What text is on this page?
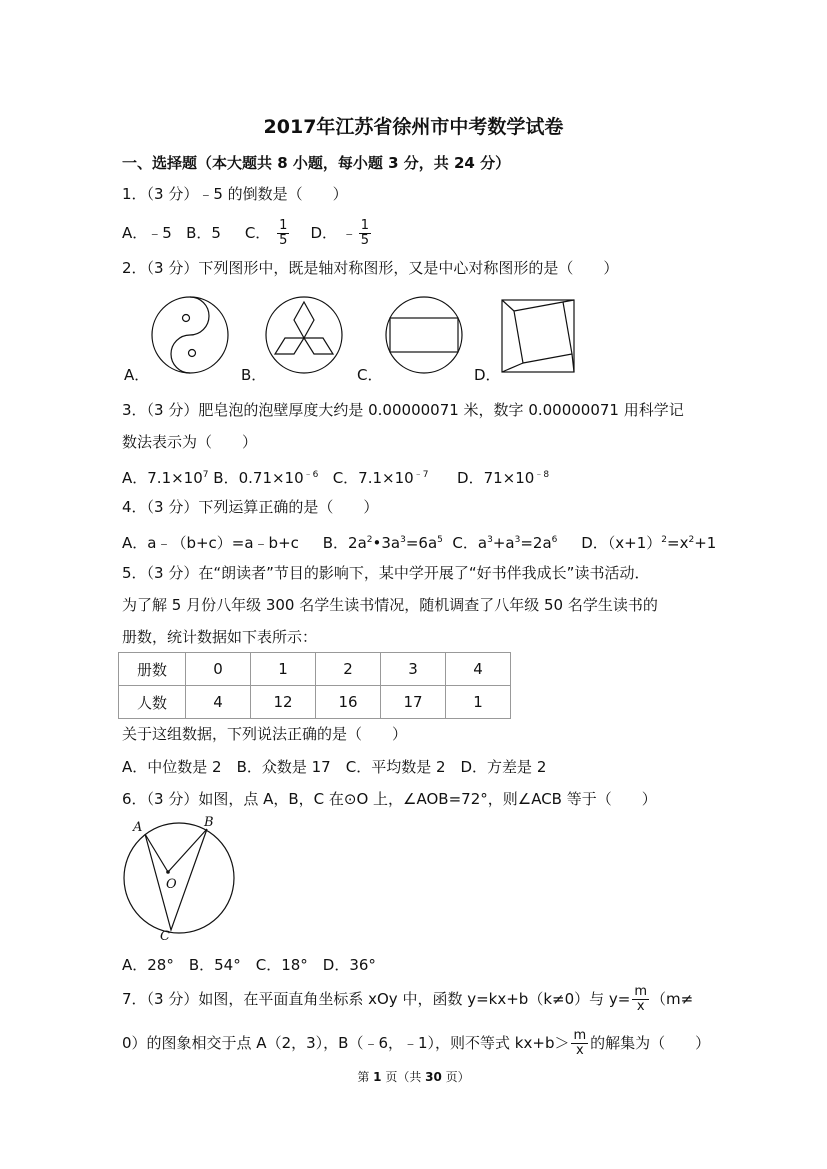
2017年江苏省徐州市中考数学试卷
一、选择题（本大题共 8 小题，每小题 3 分，共 24 分）
1．（3 分）﹣5 的倒数是（　　）
A．﹣5 B．5 C． $\frac{1}{5}$ D． ﹣ $\frac{1}{5}$
2．（3 分）下列图形中，既是轴对称图形，又是中心对称图形的是（　　）
A．	B．	C．	D．
3．（3 分）肥皂泡的泡壁厚度大约是 0.00000071 米，数字 0.00000071 用科学记
数法表示为（　　）
A．$7.1\times 10^7$ B．$0.71\times 10^{﹣6}$ C．$7.1\times 10^{﹣7}$ D．$71\times 10^{﹣8}$
4．（3 分）下列运算正确的是（　　）
A．a﹣（b+c）=a﹣b+c B．$2a^2•3a^3=6a^5$ C．$a^3+a^3=2a^6$ D．$(x+1)^2=x^2+1$
5．（3 分）在“朗读者”节目的影响下，某中学开展了“好书伴我成长”读书活动．
为了解 5 月份八年级 300 名学生读书情况，随机调查了八年级 50 名学生读书的
册数，统计数据如下表所示：
册数	0	1	2	3	4
人数	4	12	16	17	1
关于这组数据，下列说法正确的是（　　）
A．中位数是 2　B．众数是 17　C．平均数是 2　D．方差是 2
6．（3 分）如图，点 A，B，C 在⊙O 上，∠AOB=72°，则∠ACB 等于（　　）
A	B
O
C
A．28°　B．54°　C．18°　D．36°
7．（3 分）如图，在平面直角坐标系 xOy 中，函数 y=kx+b（k≠0）与 $y= \frac{m}{x} (m\ne$
0）的图象相交于点 A（2，3），B（﹣6，﹣1），则不等式 $kx+b> \frac{m}{x}$ 的解集为（　　）
第 1 页（共 30 页）
